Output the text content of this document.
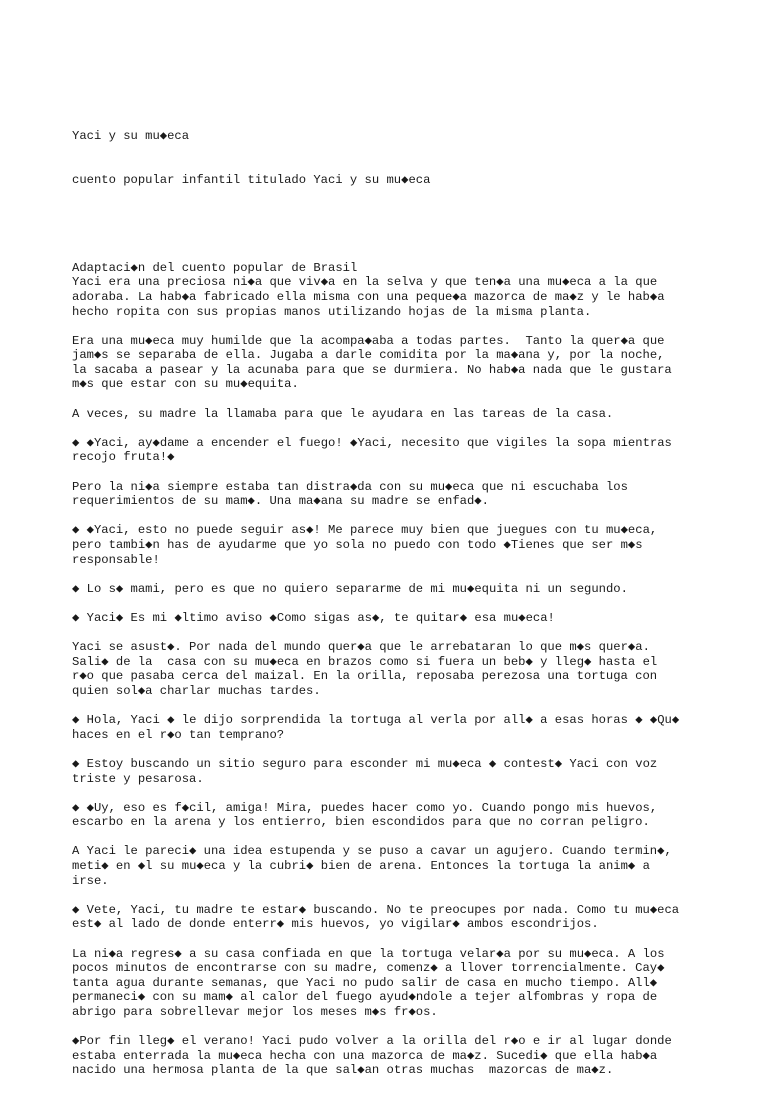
Yaci y su mu◆eca

cuento popular infantil titulado Yaci y su mu◆eca

Adaptaci◆n del cuento popular de Brasil
Yaci era una preciosa ni◆a que viv◆a en la selva y que ten◆a una mu◆eca a la que
adoraba. La hab◆a fabricado ella misma con una peque◆a mazorca de ma◆z y le hab◆a
hecho ropita con sus propias manos utilizando hojas de la misma planta.
Era una mu◆eca muy humilde que la acompa◆aba a todas partes.  Tanto la quer◆a que
jam◆s se separaba de ella. Jugaba a darle comidita por la ma◆ana y, por la noche,
la sacaba a pasear y la acunaba para que se durmiera. No hab◆a nada que le gustara
m◆s que estar con su mu◆equita.
A veces, su madre la llamaba para que le ayudara en las tareas de la casa.
◆ ◆Yaci, ay◆dame a encender el fuego! ◆Yaci, necesito que vigiles la sopa mientras
recojo fruta!◆
Pero la ni◆a siempre estaba tan distra◆da con su mu◆eca que ni escuchaba los
requerimientos de su mam◆. Una ma◆ana su madre se enfad◆.
◆ ◆Yaci, esto no puede seguir as◆! Me parece muy bien que juegues con tu mu◆eca,
pero tambi◆n has de ayudarme que yo sola no puedo con todo ◆Tienes que ser m◆s
responsable!
◆ Lo s◆ mami, pero es que no quiero separarme de mi mu◆equita ni un segundo.
◆ Yaci◆ Es mi ◆ltimo aviso ◆Como sigas as◆, te quitar◆ esa mu◆eca!
Yaci se asust◆. Por nada del mundo quer◆a que le arrebataran lo que m◆s quer◆a.
Sali◆ de la  casa con su mu◆eca en brazos como si fuera un beb◆ y lleg◆ hasta el
r◆o que pasaba cerca del maizal. En la orilla, reposaba perezosa una tortuga con
quien sol◆a charlar muchas tardes.
◆ Hola, Yaci ◆ le dijo sorprendida la tortuga al verla por all◆ a esas horas ◆ ◆Qu◆
haces en el r◆o tan temprano?
◆ Estoy buscando un sitio seguro para esconder mi mu◆eca ◆ contest◆ Yaci con voz
triste y pesarosa.
◆ ◆Uy, eso es f◆cil, amiga! Mira, puedes hacer como yo. Cuando pongo mis huevos,
escarbo en la arena y los entierro, bien escondidos para que no corran peligro.
A Yaci le pareci◆ una idea estupenda y se puso a cavar un agujero. Cuando termin◆,
meti◆ en ◆l su mu◆eca y la cubri◆ bien de arena. Entonces la tortuga la anim◆ a
irse.
◆ Vete, Yaci, tu madre te estar◆ buscando. No te preocupes por nada. Como tu mu◆eca
est◆ al lado de donde enterr◆ mis huevos, yo vigilar◆ ambos escondrijos.
La ni◆a regres◆ a su casa confiada en que la tortuga velar◆a por su mu◆eca. A los
pocos minutos de encontrarse con su madre, comenz◆ a llover torrencialmente. Cay◆
tanta agua durante semanas, que Yaci no pudo salir de casa en mucho tiempo. All◆
permaneci◆ con su mam◆ al calor del fuego ayud◆ndole a tejer alfombras y ropa de
abrigo para sobrellevar mejor los meses m◆s fr◆os.
◆Por fin lleg◆ el verano! Yaci pudo volver a la orilla del r◆o e ir al lugar donde
estaba enterrada la mu◆eca hecha con una mazorca de ma◆z. Sucedi◆ que ella hab◆a
nacido una hermosa planta de la que sal◆an otras muchas  mazorcas de ma◆z.
